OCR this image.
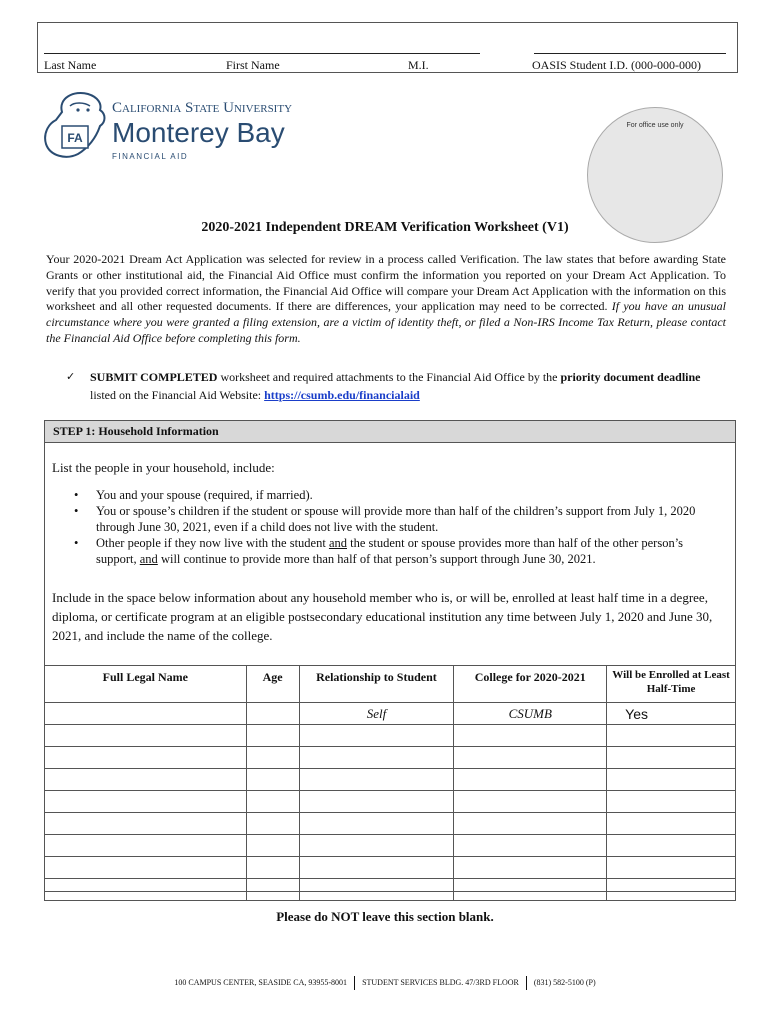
Last Name	First Name	M.I.	OASIS Student I.D. (000-000-000)
FA
California State University
Monterey Bay
FINANCIAL AID
For office use only
2020-2021 Independent DREAM Verification Worksheet (V1)
Your 2020-2021 Dream Act Application was selected for review in a process called Verification. The law states that before awarding State Grants or other institutional aid, the Financial Aid Office must confirm the information you reported on your Dream Act Application. To verify that you provided correct information, the Financial Aid Office will compare your Dream Act Application with the information on this worksheet and all other requested documents. If there are differences, your application may need to be corrected. If you have an unusual circumstance where you were granted a filing extension, are a victim of identity theft, or filed a Non-IRS Income Tax Return, please contact the Financial Aid Office before completing this form.
✓ SUBMIT COMPLETED worksheet and required attachments to the Financial Aid Office by the priority document deadline listed on the Financial Aid Website: https://csumb.edu/financialaid
STEP 1: Household Information
List the people in your household, include:
• You and your spouse (required, if married).
• You or spouse’s children if the student or spouse will provide more than half of the children’s support from July 1, 2020 through June 30, 2021, even if a child does not live with the student.
• Other people if they now live with the student and the student or spouse provides more than half of the other person’s support, and will continue to provide more than half of that person’s support through June 30, 2021.
Include in the space below information about any household member who is, or will be, enrolled at least half time in a degree, diploma, or certificate program at an eligible postsecondary educational institution any time between July 1, 2020 and June 30, 2021, and include the name of the college.
Full Legal Name	Age	Relationship to Student	College for 2020-2021	Will be Enrolled at Least Half-Time
		Self	CSUMB	Yes

Please do NOT leave this section blank.
100 CAMPUS CENTER, SEASIDE CA, 93955-8001 STUDENT SERVICES BLDG. 47/3RD FLOOR (831) 582-5100 (P)
